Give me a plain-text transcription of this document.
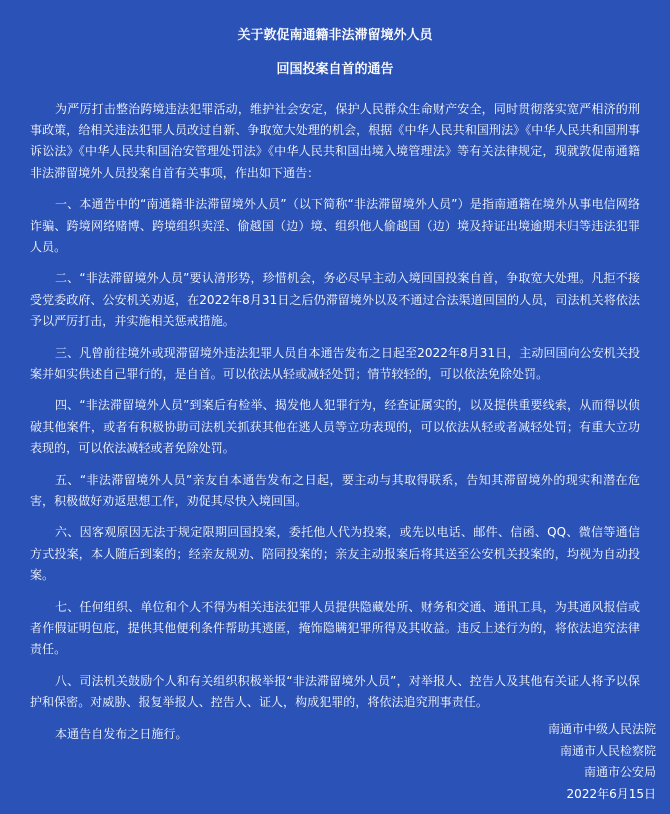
关于敦促南通籍非法滞留境外人员
回国投案自首的通告

为严厉打击整治跨境违法犯罪活动，维护社会安定，保护人民群众生命财产安全，同时贯彻落实宽严相济的刑事政策，给相关违法犯罪人员改过自新、争取宽大处理的机会，根据《中华人民共和国刑法》《中华人民共和国刑事诉讼法》《中华人民共和国治安管理处罚法》《中华人民共和国出境入境管理法》等有关法律规定，现就敦促南通籍非法滞留境外人员投案自首有关事项，作出如下通告：

一、本通告中的“南通籍非法滞留境外人员”（以下简称“非法滞留境外人员”）是指南通籍在境外从事电信网络诈骗、跨境网络赌博、跨境组织卖淫、偷越国（边）境、组织他人偷越国（边）境及持证出境逾期未归等违法犯罪人员。

二、“非法滞留境外人员”要认清形势，珍惜机会，务必尽早主动入境回国投案自首，争取宽大处理。凡拒不接受党委政府、公安机关劝返，在2022年8月31日之后仍滞留境外以及不通过合法渠道回国的人员，司法机关将依法予以严厉打击，并实施相关惩戒措施。

三、凡曾前往境外或现滞留境外违法犯罪人员自本通告发布之日起至2022年8月31日，主动回国向公安机关投案并如实供述自己罪行的，是自首。可以依法从轻或减轻处罚；情节较轻的，可以依法免除处罚。

四、“非法滞留境外人员”到案后有检举、揭发他人犯罪行为，经查证属实的，以及提供重要线索，从而得以侦破其他案件，或者有积极协助司法机关抓获其他在逃人员等立功表现的，可以依法从轻或者减轻处罚；有重大立功表现的，可以依法减轻或者免除处罚。

五、“非法滞留境外人员”亲友自本通告发布之日起，要主动与其取得联系，告知其滞留境外的现实和潜在危害，积极做好劝返思想工作，劝促其尽快入境回国。

六、因客观原因无法于规定限期回国投案，委托他人代为投案，或先以电话、邮件、信函、QQ、微信等通信方式投案，本人随后到案的；经亲友规劝、陪同投案的；亲友主动报案后将其送至公安机关投案的，均视为自动投案。

七、任何组织、单位和个人不得为相关违法犯罪人员提供隐藏处所、财务和交通、通讯工具，为其通风报信或者作假证明包庇，提供其他便利条件帮助其逃匿，掩饰隐瞒犯罪所得及其收益。违反上述行为的，将依法追究法律责任。

八、司法机关鼓励个人和有关组织积极举报“非法滞留境外人员”，对举报人、控告人及其他有关证人将予以保护和保密。对威胁、报复举报人、控告人、证人，构成犯罪的，将依法追究刑事责任。

本通告自发布之日施行。	南通市中级人民法院
南通市人民检察院
南通市公安局
2022年6月15日
